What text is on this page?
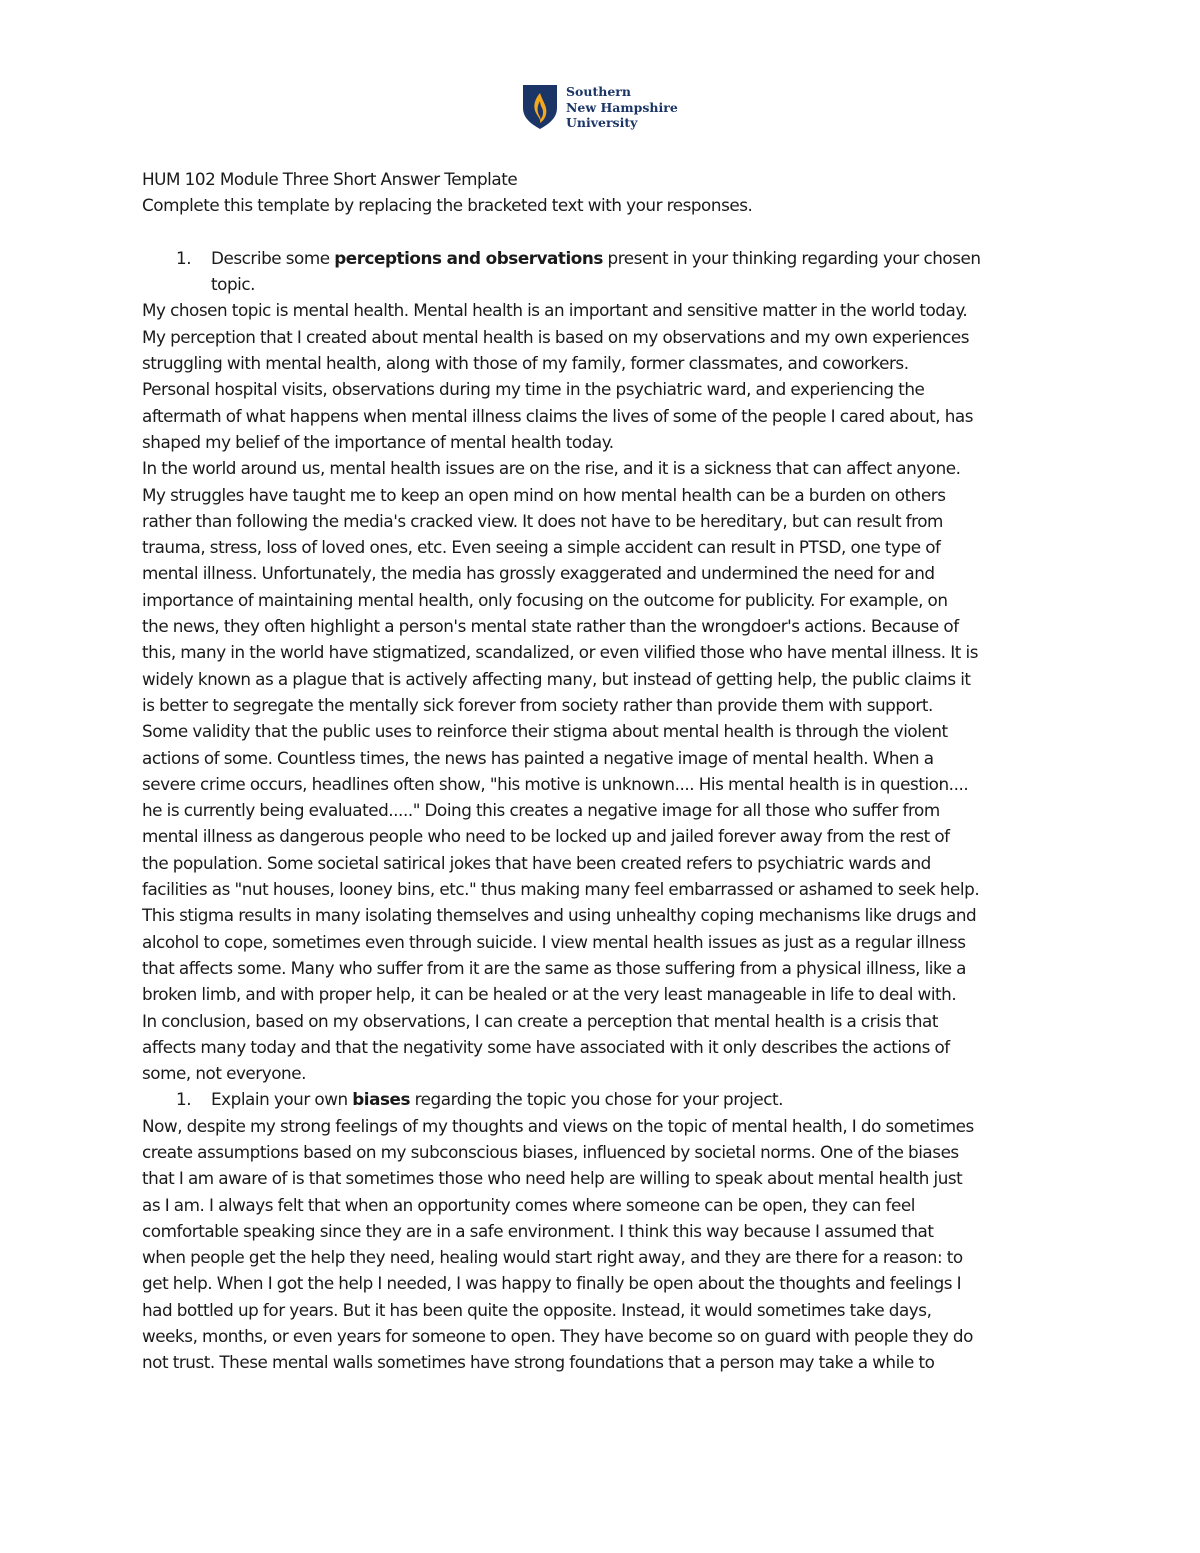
Southern
New Hampshire
University
HUM 102 Module Three Short Answer Template
Complete this template by replacing the bracketed text with your responses.
1. Describe some perceptions and observations present in your thinking regarding your chosen
topic.
My chosen topic is mental health. Mental health is an important and sensitive matter in the world today.
My perception that I created about mental health is based on my observations and my own experiences
struggling with mental health, along with those of my family, former classmates, and coworkers.
Personal hospital visits, observations during my time in the psychiatric ward, and experiencing the
aftermath of what happens when mental illness claims the lives of some of the people I cared about, has
shaped my belief of the importance of mental health today.
In the world around us, mental health issues are on the rise, and it is a sickness that can affect anyone.
My struggles have taught me to keep an open mind on how mental health can be a burden on others
rather than following the media's cracked view. It does not have to be hereditary, but can result from
trauma, stress, loss of loved ones, etc. Even seeing a simple accident can result in PTSD, one type of
mental illness. Unfortunately, the media has grossly exaggerated and undermined the need for and
importance of maintaining mental health, only focusing on the outcome for publicity. For example, on
the news, they often highlight a person's mental state rather than the wrongdoer's actions. Because of
this, many in the world have stigmatized, scandalized, or even vilified those who have mental illness. It is
widely known as a plague that is actively affecting many, but instead of getting help, the public claims it
is better to segregate the mentally sick forever from society rather than provide them with support.
Some validity that the public uses to reinforce their stigma about mental health is through the violent
actions of some. Countless times, the news has painted a negative image of mental health. When a
severe crime occurs, headlines often show, "his motive is unknown.... His mental health is in question....
he is currently being evaluated....." Doing this creates a negative image for all those who suffer from
mental illness as dangerous people who need to be locked up and jailed forever away from the rest of
the population. Some societal satirical jokes that have been created refers to psychiatric wards and
facilities as "nut houses, looney bins, etc." thus making many feel embarrassed or ashamed to seek help.
This stigma results in many isolating themselves and using unhealthy coping mechanisms like drugs and
alcohol to cope, sometimes even through suicide. I view mental health issues as just as a regular illness
that affects some. Many who suffer from it are the same as those suffering from a physical illness, like a
broken limb, and with proper help, it can be healed or at the very least manageable in life to deal with.
In conclusion, based on my observations, I can create a perception that mental health is a crisis that
affects many today and that the negativity some have associated with it only describes the actions of
some, not everyone.
1. Explain your own biases regarding the topic you chose for your project.
Now, despite my strong feelings of my thoughts and views on the topic of mental health, I do sometimes
create assumptions based on my subconscious biases, influenced by societal norms. One of the biases
that I am aware of is that sometimes those who need help are willing to speak about mental health just
as I am. I always felt that when an opportunity comes where someone can be open, they can feel
comfortable speaking since they are in a safe environment. I think this way because I assumed that
when people get the help they need, healing would start right away, and they are there for a reason: to
get help. When I got the help I needed, I was happy to finally be open about the thoughts and feelings I
had bottled up for years. But it has been quite the opposite. Instead, it would sometimes take days,
weeks, months, or even years for someone to open. They have become so on guard with people they do
not trust. These mental walls sometimes have strong foundations that a person may take a while to
